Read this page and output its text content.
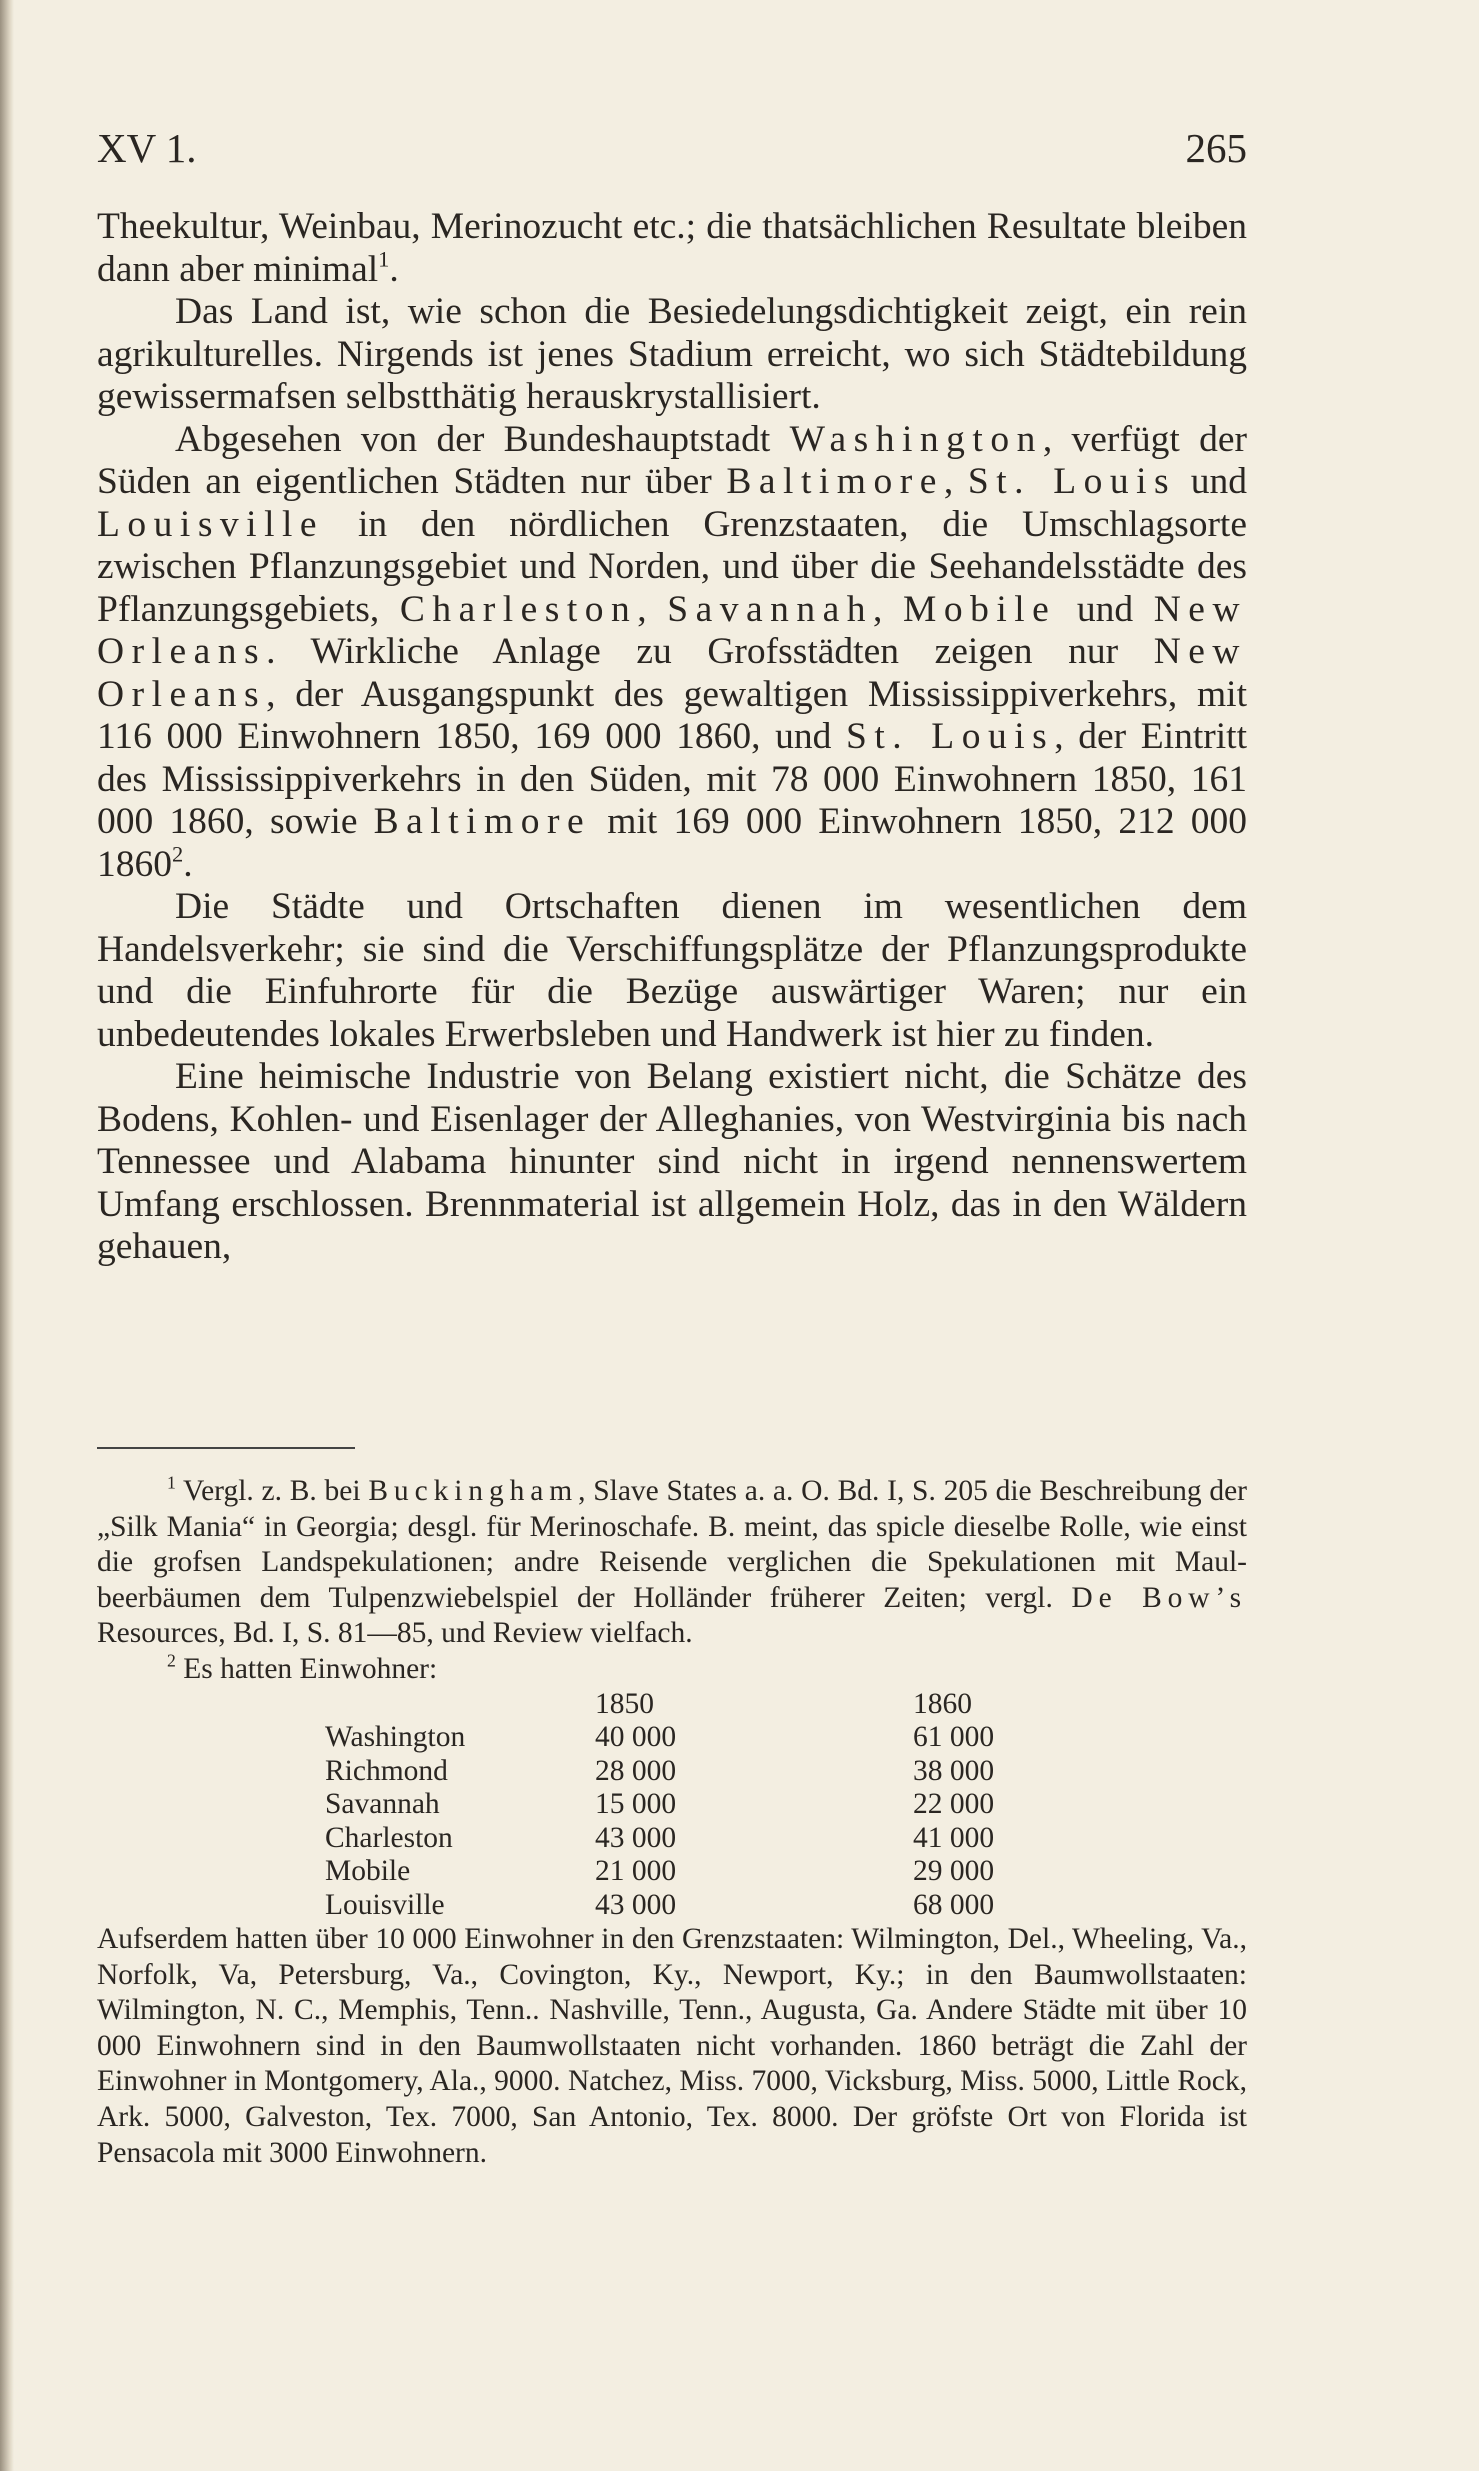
XV 1.	265

Theekultur, Weinbau, Merinozucht etc.; die thatsächlichen Resultate bleiben dann aber minimal$^1$.

Das Land ist, wie schon die Besiedelungsdichtigkeit zeigt, ein rein agrikulturelles. Nirgends ist jenes Stadium erreicht, wo sich Städtebildung gewissermafsen selbstthätig herauskrystallisiert.

Abgesehen von der Bundeshauptstadt Washington, verfügt der Süden an eigentlichen Städten nur über Baltimore, St. Louis und Louisville in den nördlichen Grenzstaaten, die Umschlagsorte zwischen Pflanzungsgebiet und Norden, und über die Seehandelsstädte des Pflanzungsgebiets, Charleston, Savannah, Mobile und New Orleans. Wirkliche Anlage zu Grofsstädten zeigen nur New Orleans, der Ausgangspunkt des gewaltigen Mississippiverkehrs, mit 116 000 Einwohnern 1850, 169 000 1860, und St. Louis, der Eintritt des Mississippiverkehrs in den Süden, mit 78 000 Einwohnern 1850, 161 000 1860, sowie Baltimore mit 169 000 Einwohnern 1850, 212 000 1860$^2$.

Die Städte und Ortschaften dienen im wesentlichen dem Handelsverkehr; sie sind die Verschiffungsplätze der Pflanzungsprodukte und die Einfuhrorte für die Bezüge auswärtiger Waren; nur ein unbedeutendes lokales Erwerbsleben und Handwerk ist hier zu finden.

Eine heimische Industrie von Belang existiert nicht, die Schätze des Bodens, Kohlen- und Eisenlager der Alleghanies, von Westvirginia bis nach Tennessee und Alabama hinunter sind nicht in irgend nennenswertem Umfang erschlossen. Brennmaterial ist allgemein Holz, das in den Wäldern gehauen,

$^1$ Vergl. z. B. bei Buckingham, Slave States a. a. O. Bd. I, S. 205 die Beschreibung der „Silk Mania“ in Georgia; desgl. für Merinoschafe. B. meint, das spicle dieselbe Rolle, wie einst die grofsen Landspekulationen; andre Reisende verglichen die Spekulationen mit Maulbeerbäumen dem Tulpenzwiebelspiel der Holländer früherer Zeiten; vergl. De Bow’s Resources, Bd. I, S. 81—85, und Review vielfach.

$^2$ Es hatten Einwohner:

	1850	1860
Washington	40 000	61 000
Richmond	28 000	38 000
Savannah	15 000	22 000
Charleston	43 000	41 000
Mobile	21 000	29 000
Louisville	43 000	68 000

Aufserdem hatten über 10 000 Einwohner in den Grenzstaaten: Wilmington, Del., Wheeling, Va., Norfolk, Va, Petersburg, Va., Covington, Ky., Newport, Ky.; in den Baumwollstaaten: Wilmington, N. C., Memphis, Tenn.. Nashville, Tenn., Augusta, Ga. Andere Städte mit über 10 000 Einwohnern sind in den Baumwollstaaten nicht vorhanden. 1860 beträgt die Zahl der Einwohner in Montgomery, Ala., 9000. Natchez, Miss. 7000, Vicksburg, Miss. 5000, Little Rock, Ark. 5000, Galveston, Tex. 7000, San Antonio, Tex. 8000. Der gröfste Ort von Florida ist Pensacola mit 3000 Einwohnern.
